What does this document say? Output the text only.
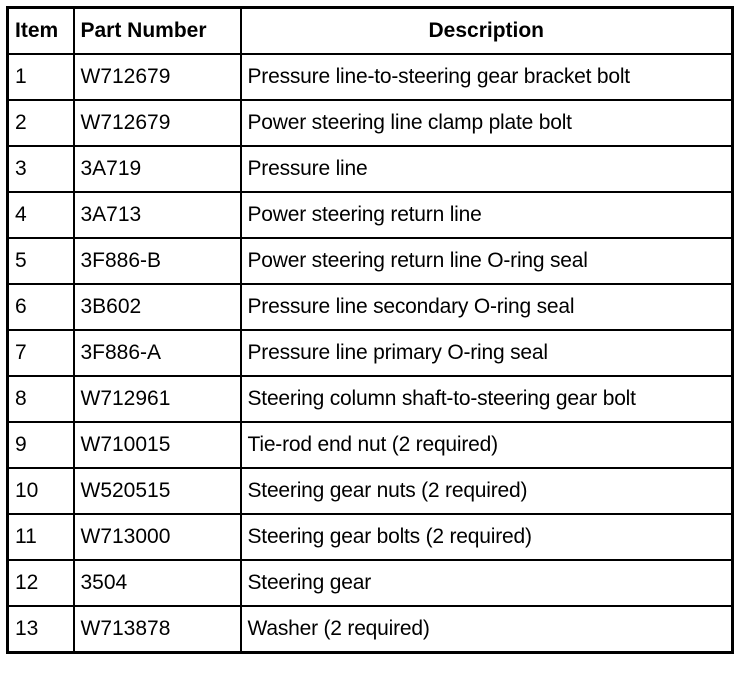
Item	Part Number	Description
1	W712679	Pressure line-to-steering gear bracket bolt
2	W712679	Power steering line clamp plate bolt
3	3A719	Pressure line
4	3A713	Power steering return line
5	3F886-B	Power steering return line O-ring seal
6	3B602	Pressure line secondary O-ring seal
7	3F886-A	Pressure line primary O-ring seal
8	W712961	Steering column shaft-to-steering gear bolt
9	W710015	Tie-rod end nut (2 required)
10	W520515	Steering gear nuts (2 required)
11	W713000	Steering gear bolts (2 required)
12	3504	Steering gear
13	W713878	Washer (2 required)
